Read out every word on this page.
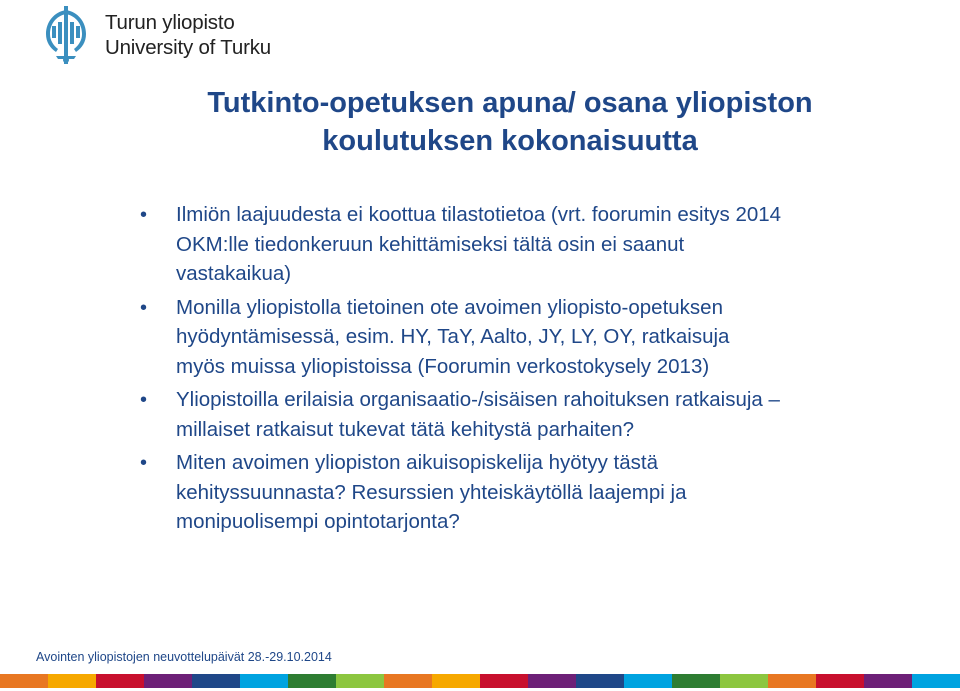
Turun yliopisto
University of Turku
Tutkinto-opetuksen apuna/ osana yliopiston
koulutuksen kokonaisuutta
• Ilmiön laajuudesta ei koottua tilastotietoa (vrt. foorumin esitys 2014
OKM:lle tiedonkeruun kehittämiseksi tältä osin ei saanut
vastakaikua)
• Monilla yliopistolla tietoinen ote avoimen yliopisto-opetuksen
hyödyntämisessä, esim. HY, TaY, Aalto, JY, LY, OY, ratkaisuja
myös muissa yliopistoissa (Foorumin verkostokysely 2013)
• Yliopistoilla erilaisia organisaatio-/sisäisen rahoituksen ratkaisuja –
millaiset ratkaisut tukevat tätä kehitystä parhaiten?
• Miten avoimen yliopiston aikuisopiskelija hyötyy tästä
kehityssuunnasta? Resurssien yhteiskäytöllä laajempi ja
monipuolisempi opintotarjonta?
Avointen yliopistojen neuvottelupäivät 28.-29.10.2014
